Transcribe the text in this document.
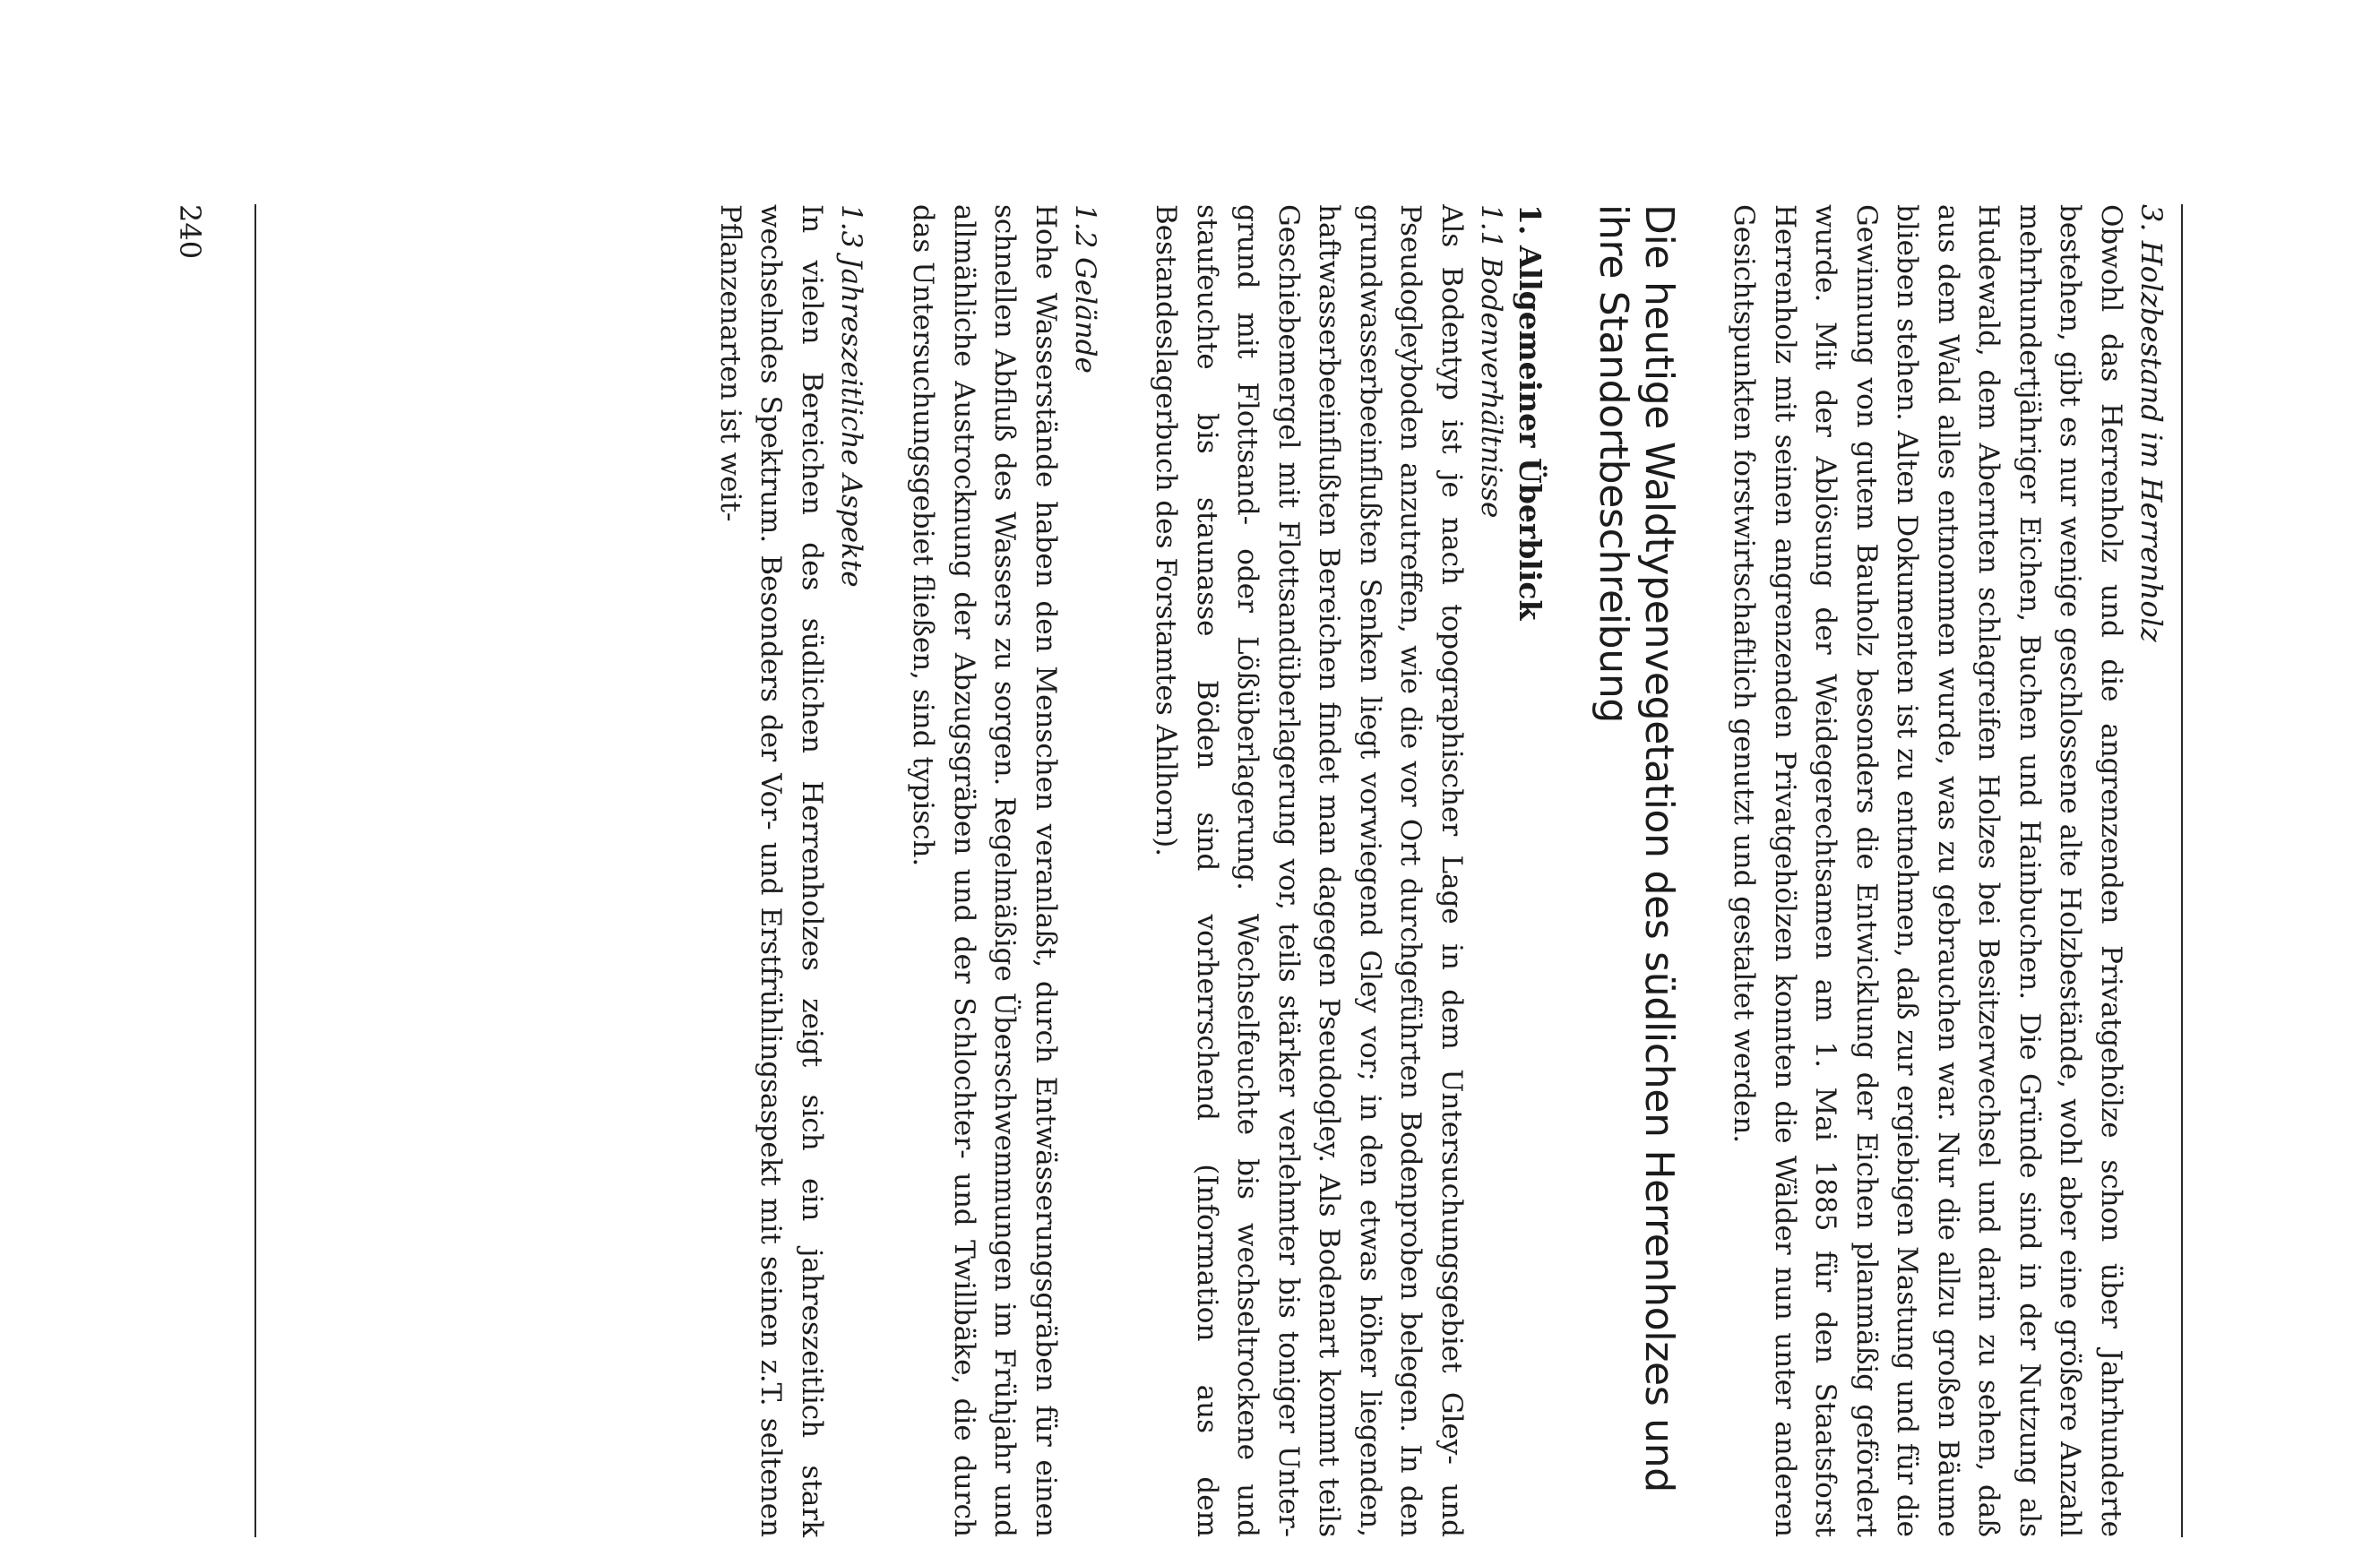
3. Holzbestand im Herrenholz

Obwohl das Herrenholz und die angrenzenden Privatgehölze schon über Jahrhunderte bestehen, gibt es nur wenige geschlossene alte Holzbestände, wohl aber eine größere Anzahl mehrhundertjähriger Eichen, Buchen und Hainbuchen. Die Gründe sind in der Nutzung als Hudewald, dem Abernten schlagreifen Holzes bei Besitzerwechsel und darin zu sehen, daß aus dem Wald alles entnommen wurde, was zu gebrauchen war. Nur die allzu großen Bäume blieben stehen. Alten Dokumenten ist zu entnehmen, daß zur ergiebigen Mastung und für die Gewinnung von gutem Bauholz besonders die Entwicklung der Eichen planmäßig gefördert wurde. Mit der Ablösung der Weidegerechtsamen am 1. Mai 1885 für den Staatsforst Herrenholz mit seinen angrenzenden Privatgehölzen konnten die Wälder nun unter anderen Gesichtspunkten forstwirtschaftlich genutzt und gestaltet werden.

Die heutige Waldtypenvegetation des südlichen Herrenholzes und ihre Standortbeschreibung
1. Allgemeiner Überblick
1.1 Bodenverhältnisse

Als Bodentyp ist je nach topographischer Lage in dem Untersuchungsgebiet Gley- und Pseudogleyboden anzutreffen, wie die vor Ort durchgeführten Bodenproben belegen. In den grundwasserbeeinflußten Senken liegt vorwiegend Gley vor; in den etwas höher liegenden, haftwasserbeeinflußten Bereichen findet man dagegen Pseudogley. Als Bodenart kommt teils Geschiebemergel mit Flottsandüberlagerung vor, teils stärker verlehmter bis toniger Untergrund mit Flottsand- oder Lößüberlagerung. Wechselfeuchte bis wechseltrockene und staufeuchte bis staunasse Böden sind vorherrschend (Information aus dem Bestandeslagerbuch des Forstamtes Ahlhorn).

1.2 Gelände

Hohe Wasserstände haben den Menschen veranlaßt, durch Entwässerungsgräben für einen schnellen Abfluß des Wassers zu sorgen. Regelmäßige Überschwemmungen im Frühjahr und allmähliche Austrocknung der Abzugsgräben und der Schlochter- und Twillbäke, die durch das Untersuchungsgebiet fließen, sind typisch.

1.3 Jahreszeitliche Aspekte

In vielen Bereichen des südlichen Herrenholzes zeigt sich ein jahreszeitlich stark wechselndes Spektrum. Besonders der Vor- und Erstfrühlingsaspekt mit seinen z.T. seltenen Pflanzenarten ist weit-

240
